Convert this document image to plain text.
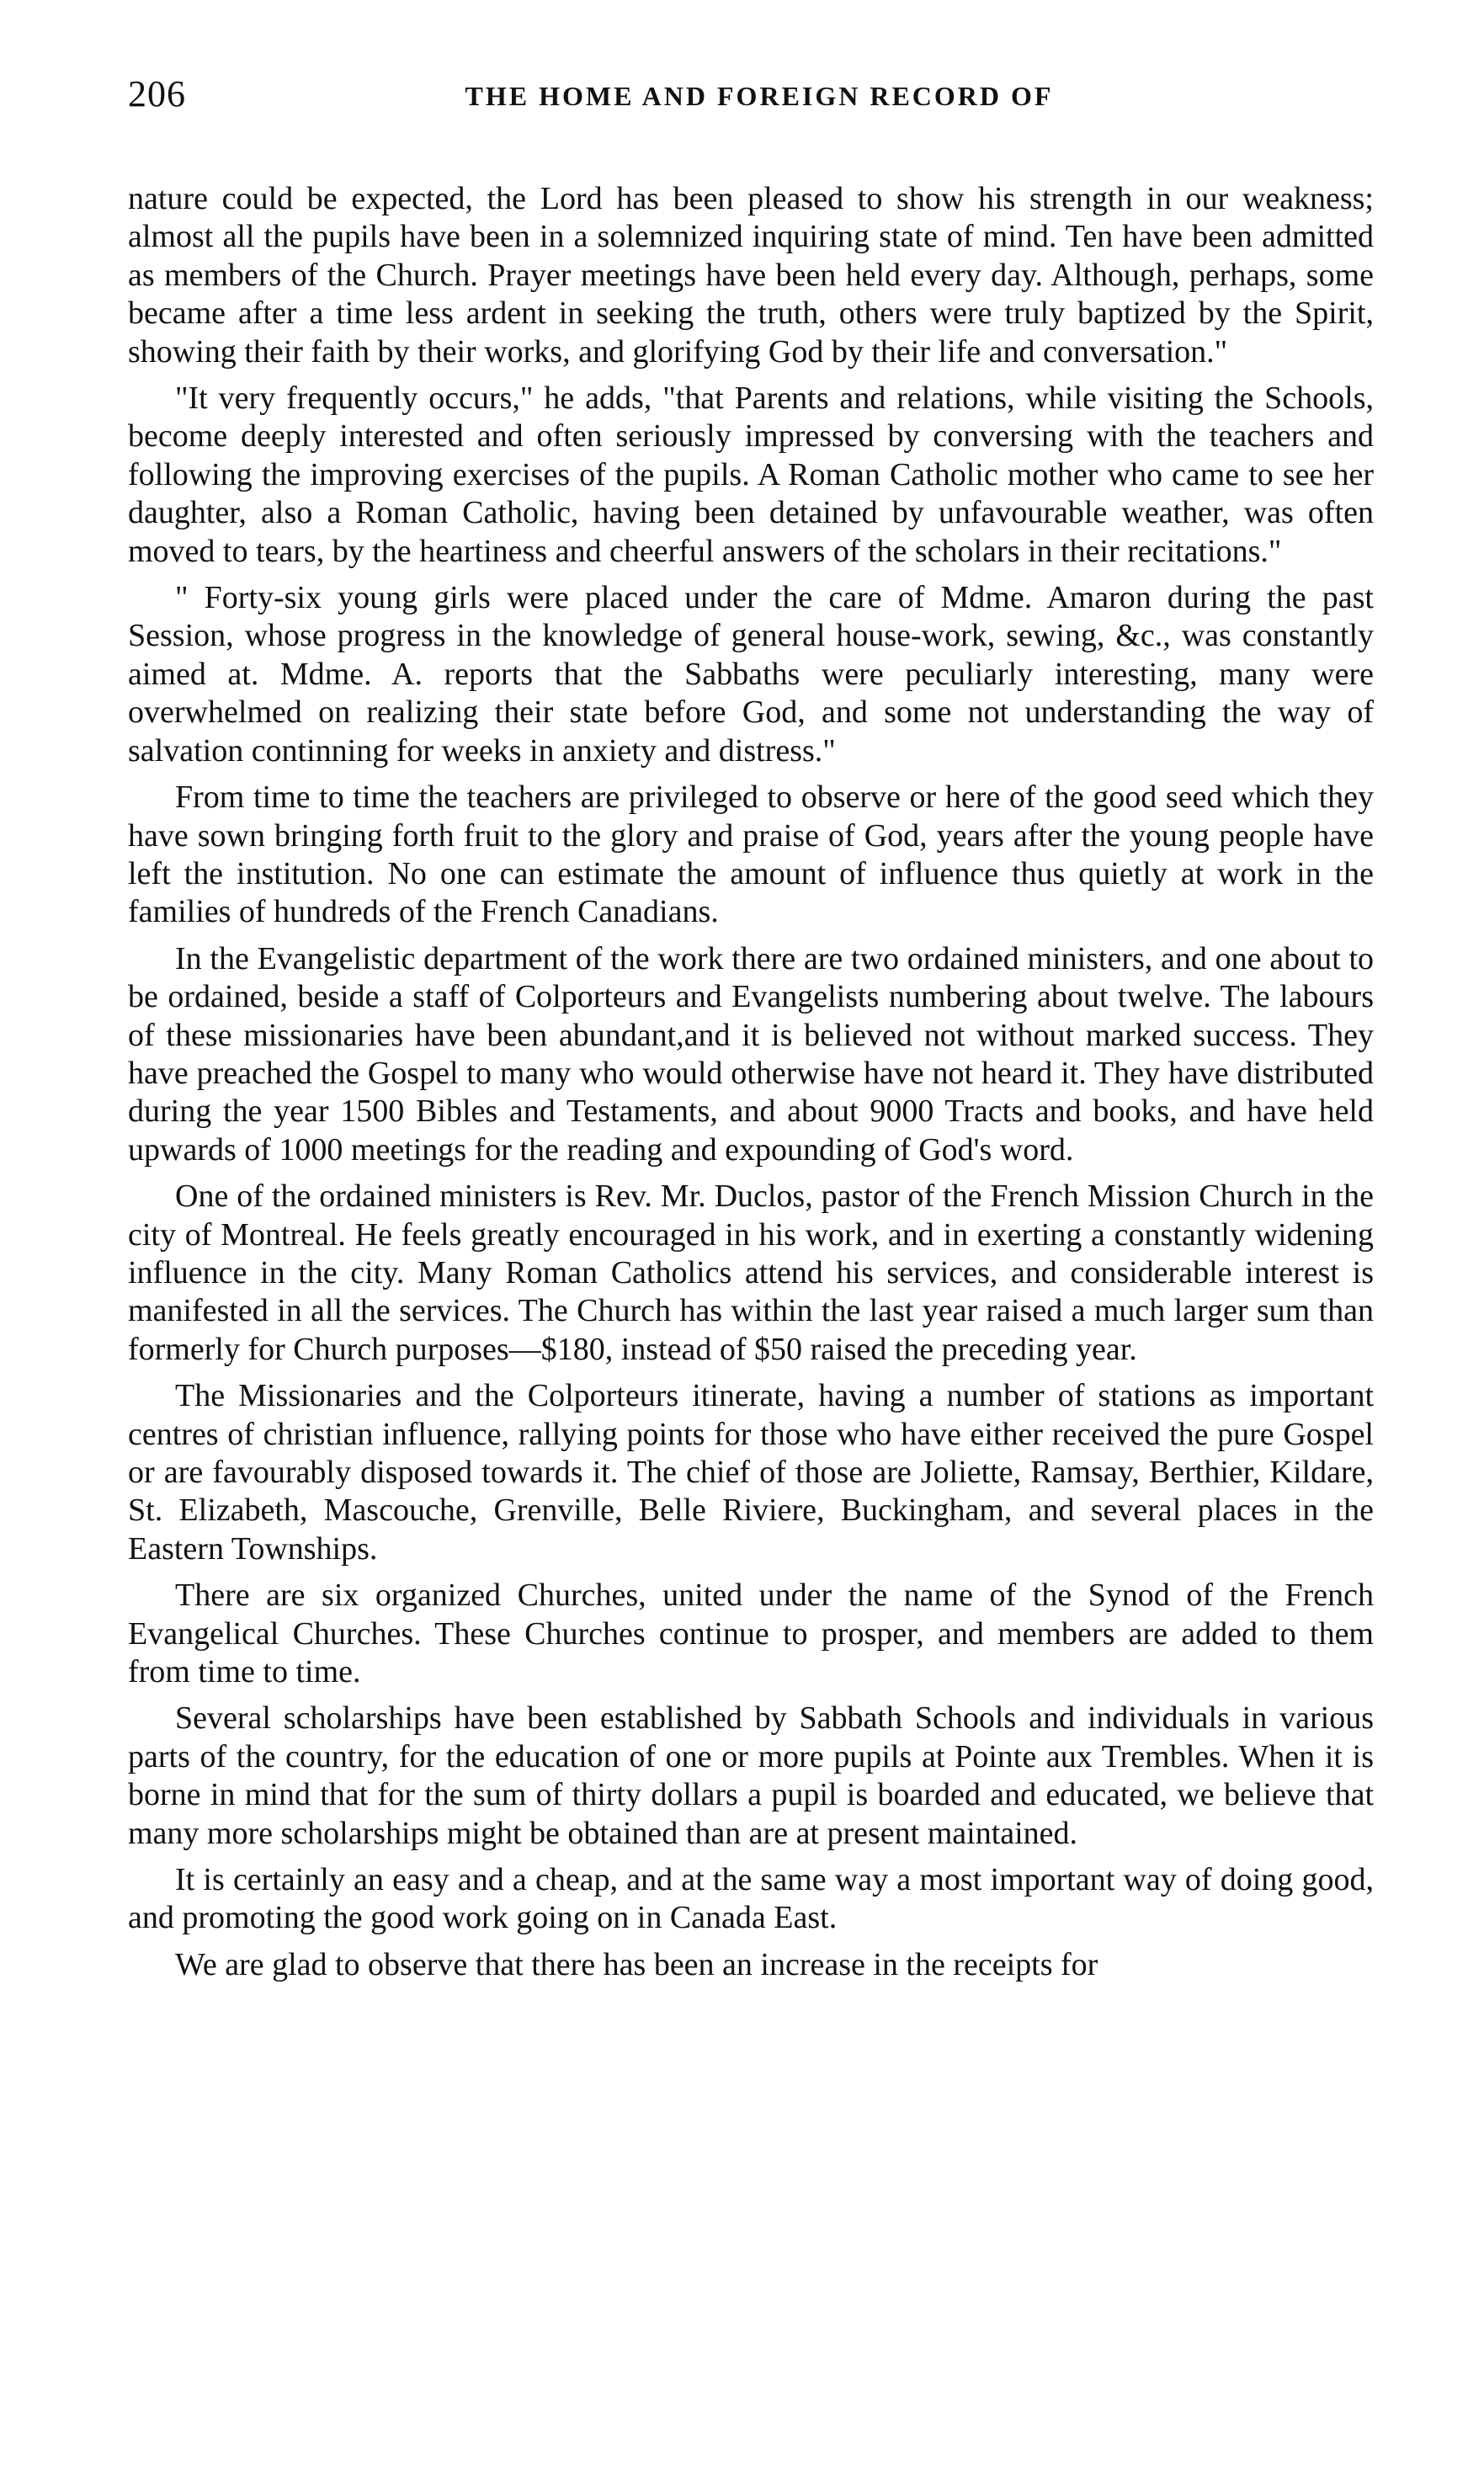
206	THE HOME AND FOREIGN RECORD OF

nature could be expected, the Lord has been pleased to show his strength in our weakness; almost all the pupils have been in a solemnized inquiring state of mind. Ten have been admitted as members of the Church. Prayer meetings have been held every day. Although, perhaps, some became after a time less ardent in seeking the truth, others were truly baptized by the Spirit, showing their faith by their works, and glorifying God by their life and conversation."

"It very frequently occurs," he adds, "that Parents and relations, while visiting the Schools, become deeply interested and often seriously impressed by conversing with the teachers and following the improving exercises of the pupils. A Roman Catholic mother who came to see her daughter, also a Roman Catholic, having been detained by unfavourable weather, was often moved to tears, by the heartiness and cheerful answers of the scholars in their recitations."

" Forty-six young girls were placed under the care of Mdme. Amaron during the past Session, whose progress in the knowledge of general house-work, sewing, &c., was constantly aimed at. Mdme. A. reports that the Sabbaths were peculiarly interesting, many were overwhelmed on realizing their state before God, and some not understanding the way of salvation continning for weeks in anxiety and distress."

From time to time the teachers are privileged to observe or here of the good seed which they have sown bringing forth fruit to the glory and praise of God, years after the young people have left the institution. No one can estimate the amount of influence thus quietly at work in the families of hundreds of the French Canadians.

In the Evangelistic department of the work there are two ordained ministers, and one about to be ordained, beside a staff of Colporteurs and Evangelists numbering about twelve. The labours of these missionaries have been abundant,and it is believed not without marked success. They have preached the Gospel to many who would otherwise have not heard it. They have distributed during the year 1500 Bibles and Testaments, and about 9000 Tracts and books, and have held upwards of 1000 meetings for the reading and expounding of God's word.

One of the ordained ministers is Rev. Mr. Duclos, pastor of the French Mission Church in the city of Montreal. He feels greatly encouraged in his work, and in exerting a constantly widening influence in the city. Many Roman Catholics attend his services, and considerable interest is manifested in all the services. The Church has within the last year raised a much larger sum than formerly for Church purposes—$180, instead of $50 raised the preceding year.

The Missionaries and the Colporteurs itinerate, having a number of stations as important centres of christian influence, rallying points for those who have either received the pure Gospel or are favourably disposed towards it. The chief of those are Joliette, Ramsay, Berthier, Kildare, St. Elizabeth, Mascouche, Grenville, Belle Riviere, Buckingham, and several places in the Eastern Townships.

There are six organized Churches, united under the name of the Synod of the French Evangelical Churches. These Churches continue to prosper, and members are added to them from time to time.

Several scholarships have been established by Sabbath Schools and individuals in various parts of the country, for the education of one or more pupils at Pointe aux Trembles. When it is borne in mind that for the sum of thirty dollars a pupil is boarded and educated, we believe that many more scholarships might be obtained than are at present maintained.

It is certainly an easy and a cheap, and at the same way a most important way of doing good, and promoting the good work going on in Canada East.

We are glad to observe that there has been an increase in the receipts for
